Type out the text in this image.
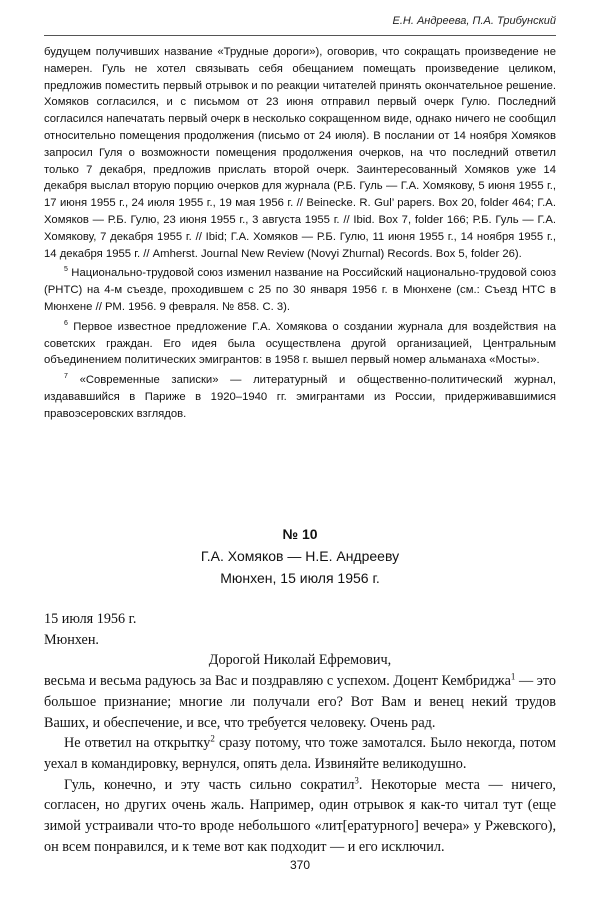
Е.Н. Андреева, П.А. Трибунский

будущем получивших название «Трудные дороги»), оговорив, что сокращать произведение не намерен. Гуль не хотел связывать себя обещанием помещать произведение целиком, предложив поместить первый отрывок и по реакции читателей принять окончательное решение. Хомяков согласился, и с письмом от 23 июня отправил первый очерк Гулю. Последний согласился напечатать первый очерк в несколько сокращенном виде, однако ничего не сообщил относительно помещения продолжения (письмо от 24 июля). В послании от 14 ноября Хомяков запросил Гуля о возможности помещения продолжения очерков, на что последний ответил только 7 декабря, предложив прислать второй очерк. Заинтересованный Хомяков уже 14 декабря выслал вторую порцию очерков для журнала (Р.Б. Гуль — Г.А. Хомякову, 5 июня 1955 г., 17 июня 1955 г., 24 июля 1955 г., 19 мая 1956 г. // Beinecke. R. Gul’ papers. Box 20, folder 464; Г.А. Хомяков — Р.Б. Гулю, 23 июня 1955 г., 3 августа 1955 г. // Ibid. Box 7, folder 166; Р.Б. Гуль — Г.А. Хомякову, 7 декабря 1955 г. // Ibid; Г.А. Хомяков — Р.Б. Гулю, 11 июня 1955 г., 14 ноября 1955 г., 14 декабря 1955 г. // Amherst. Journal New Review (Novyi Zhurnal) Records. Box 5, folder 26).

$^5$ Национально-трудовой союз изменил название на Российский национально-трудовой союз (РНТС) на 4-м съезде, проходившем с 25 по 30 января 1956 г. в Мюнхене (см.: Съезд НТС в Мюнхене // РМ. 1956. 9 февраля. № 858. С. 3).

$^6$ Первое известное предложение Г.А. Хомякова о создании журнала для воздействия на советских граждан. Его идея была осуществлена другой организацией, Центральным объединением политических эмигрантов: в 1958 г. вышел первый номер альманаха «Мосты».

$^7$ «Современные записки» — литературный и общественно-политический журнал, издававшийся в Париже в 1920–1940 гг. эмигрантами из России, придерживавшимися правоэсеровских взглядов.

№ 10
Г.А. Хомяков — Н.Е. Андрееву
Мюнхен, 15 июля 1956 г.

15 июля 1956 г.

Мюнхен.

Дорогой Николай Ефремович,

весьма и весьма радуюсь за Вас и поздравляю с успехом. Доцент Кембриджа$^1$ — это большое признание; многие ли получали его? Вот Вам и венец некий трудов Ваших, и обеспечение, и все, что требуется человеку. Очень рад.

Не ответил на открытку$^2$ сразу потому, что тоже замотался. Было некогда, потом уехал в командировку, вернулся, опять дела. Извиняйте великодушно.

Гуль, конечно, и эту часть сильно сократил$^3$. Некоторые места — ничего, согласен, но других очень жаль. Например, один отрывок я как-то читал тут (еще зимой устраивали что-то вроде небольшого «лит[ературного] вечера» у Ржевского), он всем понравился, и к теме вот как подходит — и его исключил.

370
